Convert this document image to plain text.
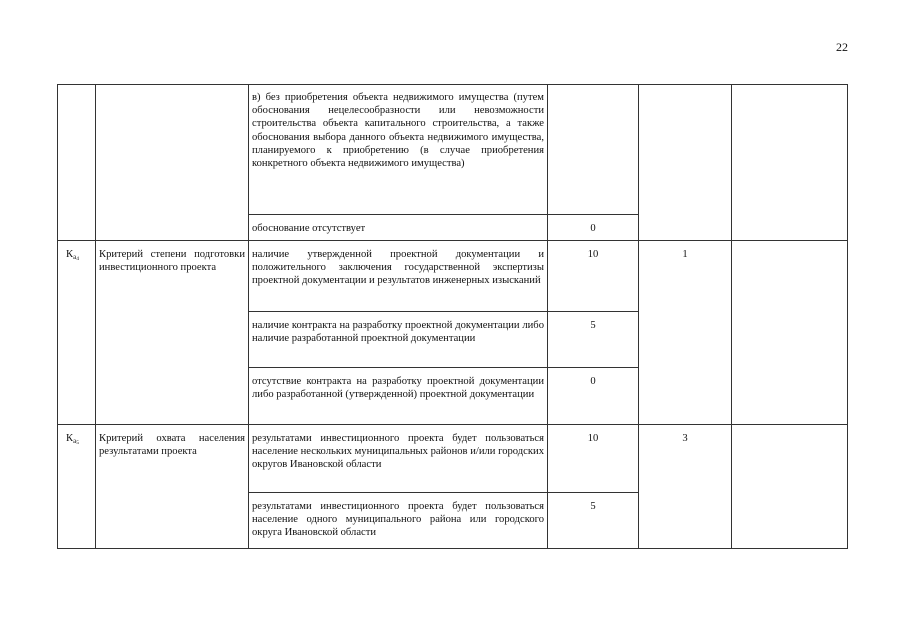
22
		в) без приобретения объекта недвижимого имущества (путем обоснования нецелесообразности или невозможности строительства объекта капитального строительства, а также обоснования выбора данного объекта недвижимого имущества, планируемого к приобретению (в случае приобретения конкретного объекта недвижимого имущества)			
		обоснование отсутствует	0		
$Ка_4$	Критерий степени подготовки инвестиционного проекта	наличие утвержденной проектной документации и положительного заключения государственной экспертизы проектной документации и результатов инженерных изысканий	10	1	
		наличие контракта на разработку проектной документации либо наличие разработанной проектной документации	5		
		отсутствие контракта на разработку проектной документации либо разработанной (утвержденной) проектной документации	0		
$Ка_5$	Критерий охвата населения результатами проекта	результатами инвестиционного проекта будет пользоваться население нескольких муниципальных районов и/или городских округов Ивановской области	10	3	
		результатами инвестиционного проекта будет пользоваться население одного муниципального района или городского округа Ивановской области	5		
